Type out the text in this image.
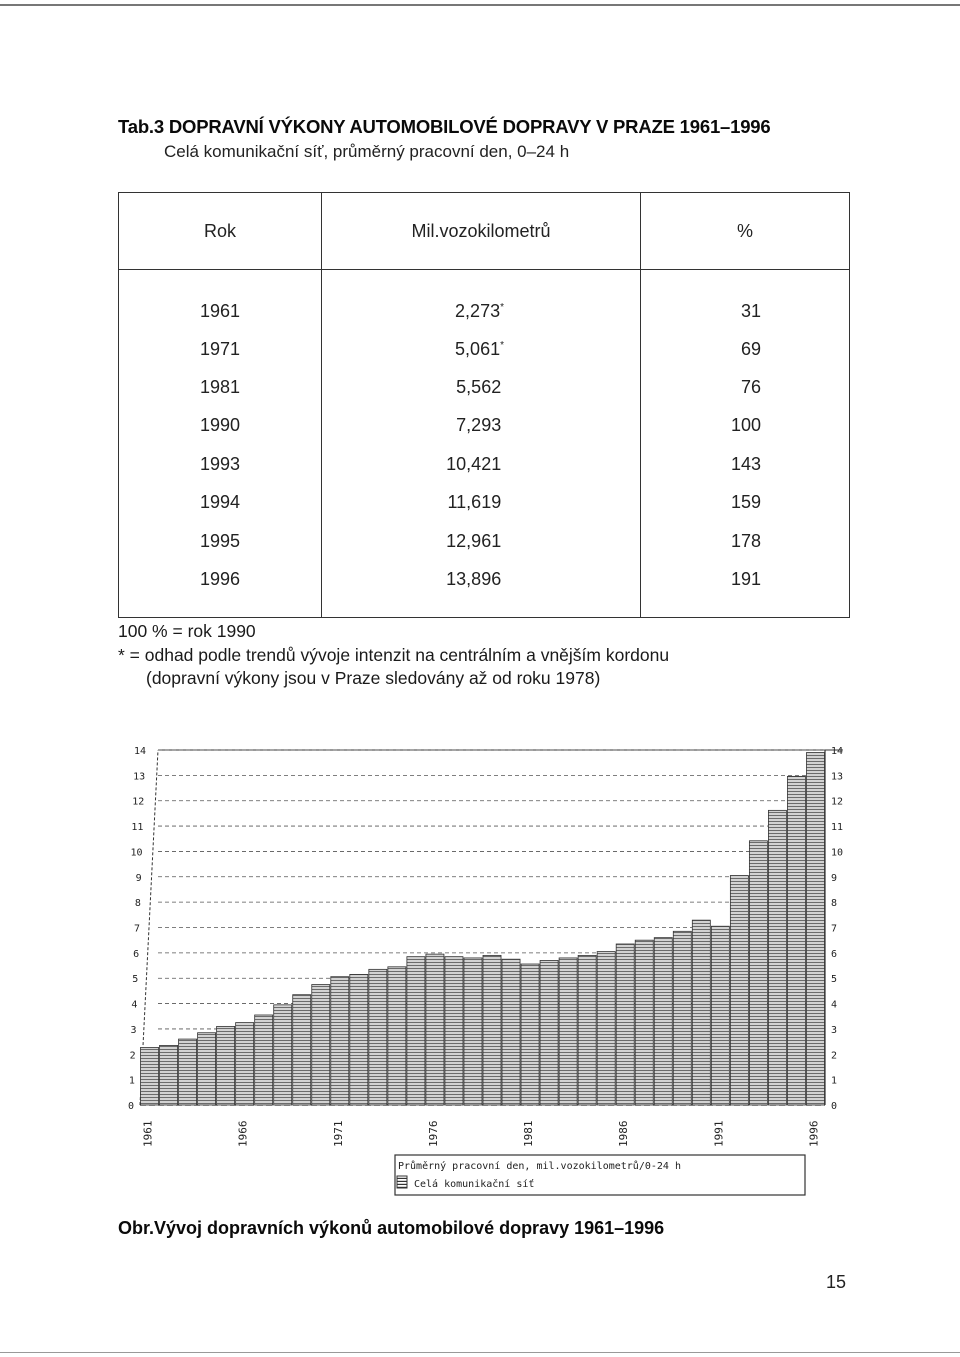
Tab.3 DOPRAVNÍ VÝKONY AUTOMOBILOVÉ DOPRAVY V PRAZE 1961–1996
Celá komunikační síť, průměrný pracovní den, 0–24 h
Rok	Mil.vozokilometrů	%
1961	2,273*	31
1971	5,061*	69
1981	5,562	76
1990	7,293	100
1993	10,421	143
1994	11,619	159
1995	12,961	178
1996	13,896	191
100 % = rok 1990
* = odhad podle trendů vývoje intenzit na centrálním a vnějším kordonu
(dopravní výkony jsou v Praze sledovány až od roku 1978)
0
1
2
3
4
5
6
7
8
9
10
11
12
13
14
0
1
2
3
4
5
6
7
8
9
10
11
12
13
14
1961	1966	1971	1976	1981	1986	1991	1996
Průměrný pracovní den, mil.vozokilometrů/0-24 h
Celá komunikační síť
Obr.Vývoj dopravních výkonů automobilové dopravy 1961–1996
15
